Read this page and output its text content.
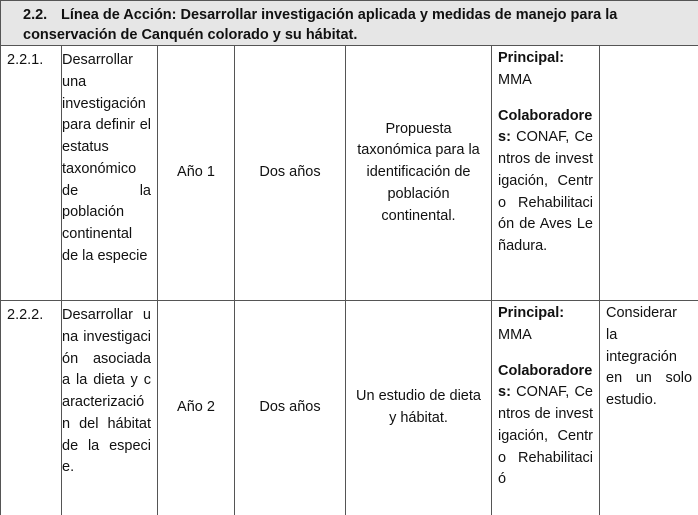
2.2. Línea de Acción: Desarrollar investigación aplicada y medidas de manejo para la conservación de Canquén colorado y su hábitat.						
2.2.1.	Desarrollar una investigación para definir el estatus taxonómico de la población continental de la especie	Año 1	Dos años	Propuesta taxonómica para la identificación de población continental.	Principal:

MMA

Colaboradores: CONAF, Centros de investigación, Centro Rehabilitación de Aves Leñadura.	

2.2.2.	Desarrollar una investigación asociada a la dieta y caracterización del hábitat de la especie.	Año 2	Dos años	Un estudio de dieta y hábitat.	Principal:

MMA

Colaboradores: CONAF, Centros de investigación, Centro Rehabilitació	Considerar la integración en un solo estudio.
